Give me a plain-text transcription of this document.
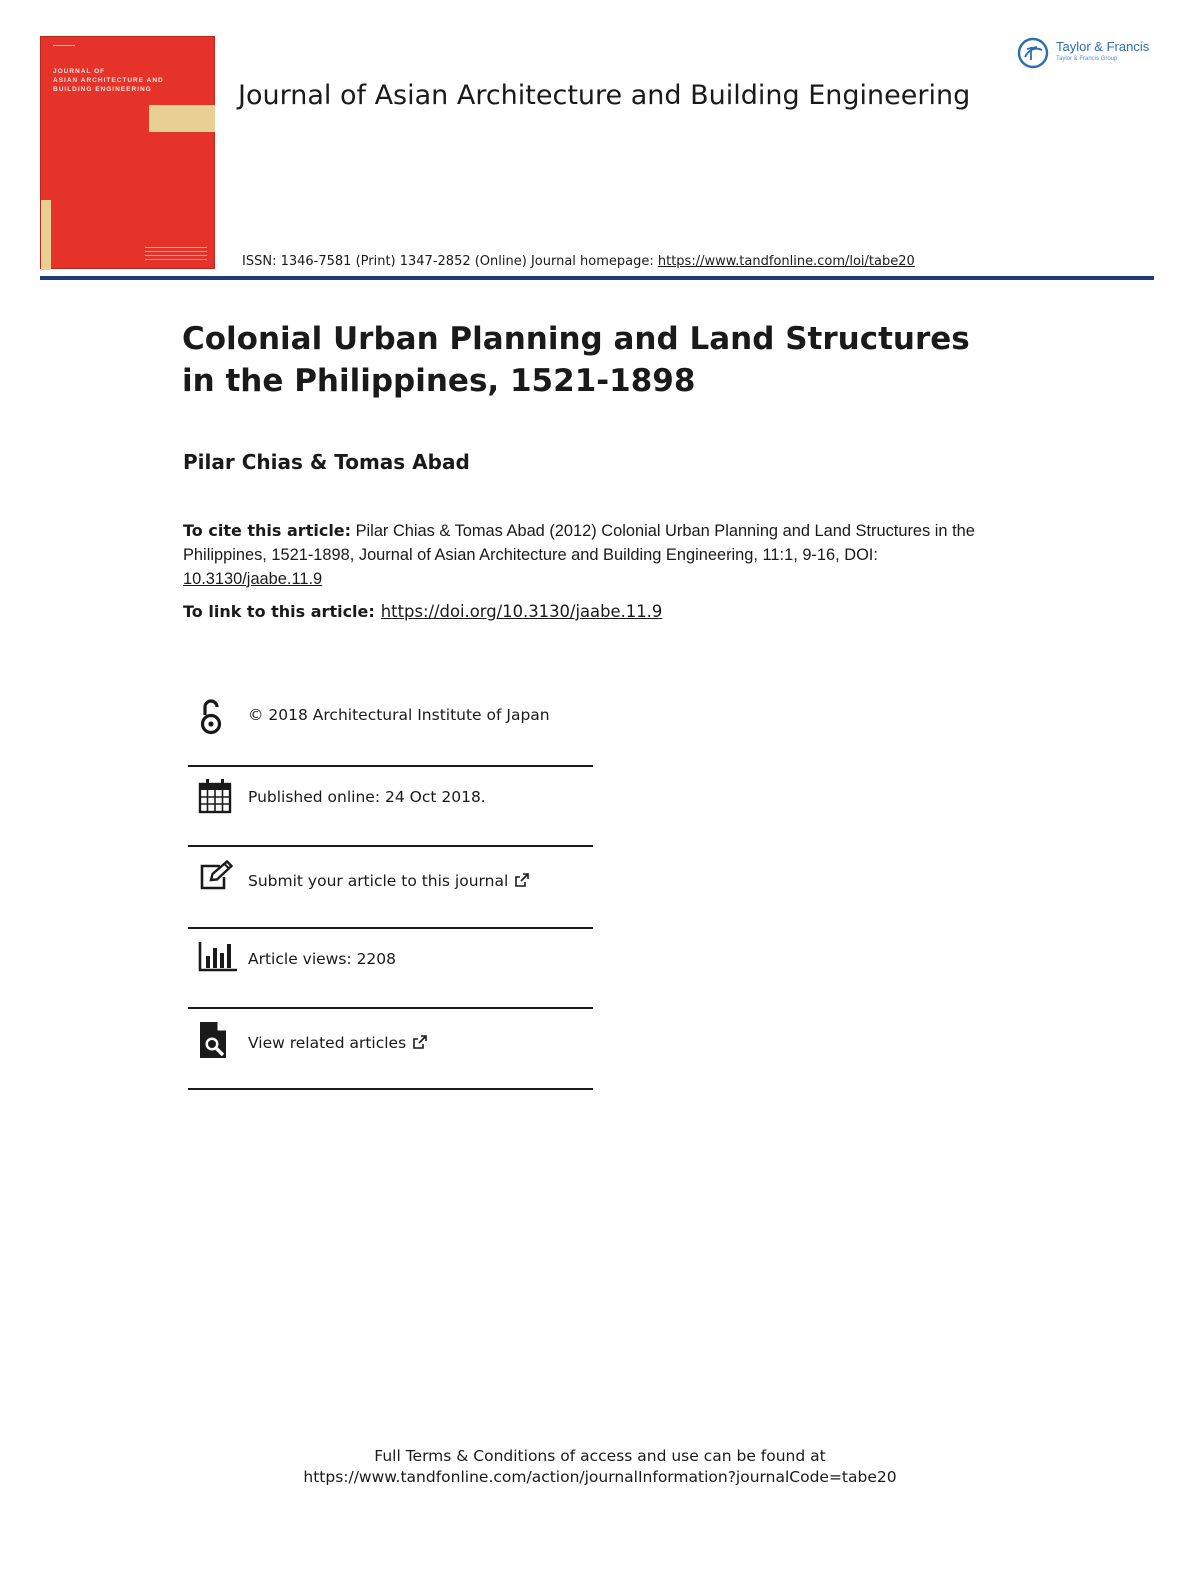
JOURNAL OF
ASIAN ARCHITECTURE AND
BUILDING ENGINEERING	Journal of Asian Architecture and Building Engineering
ISSN: 1346-7581 (Print) 1347-2852 (Online) Journal homepage: https://www.tandfonline.com/loi/tabe20
Taylor & Francis
Taylor & Francis Group
Colonial Urban Planning and Land Structures in the Philippines, 1521-1898
Pilar Chias & Tomas Abad
To cite this article: Pilar Chias & Tomas Abad (2012) Colonial Urban Planning and Land Structures in the Philippines, 1521-1898, Journal of Asian Architecture and Building Engineering, 11:1, 9-16, DOI: 10.3130/jaabe.11.9
To link to this article: https://doi.org/10.3130/jaabe.11.9
© 2018 Architectural Institute of Japan
Published online: 24 Oct 2018.
Submit your article to this journal
Article views: 2208
View related articles
Full Terms & Conditions of access and use can be found at
https://www.tandfonline.com/action/journalInformation?journalCode=tabe20
